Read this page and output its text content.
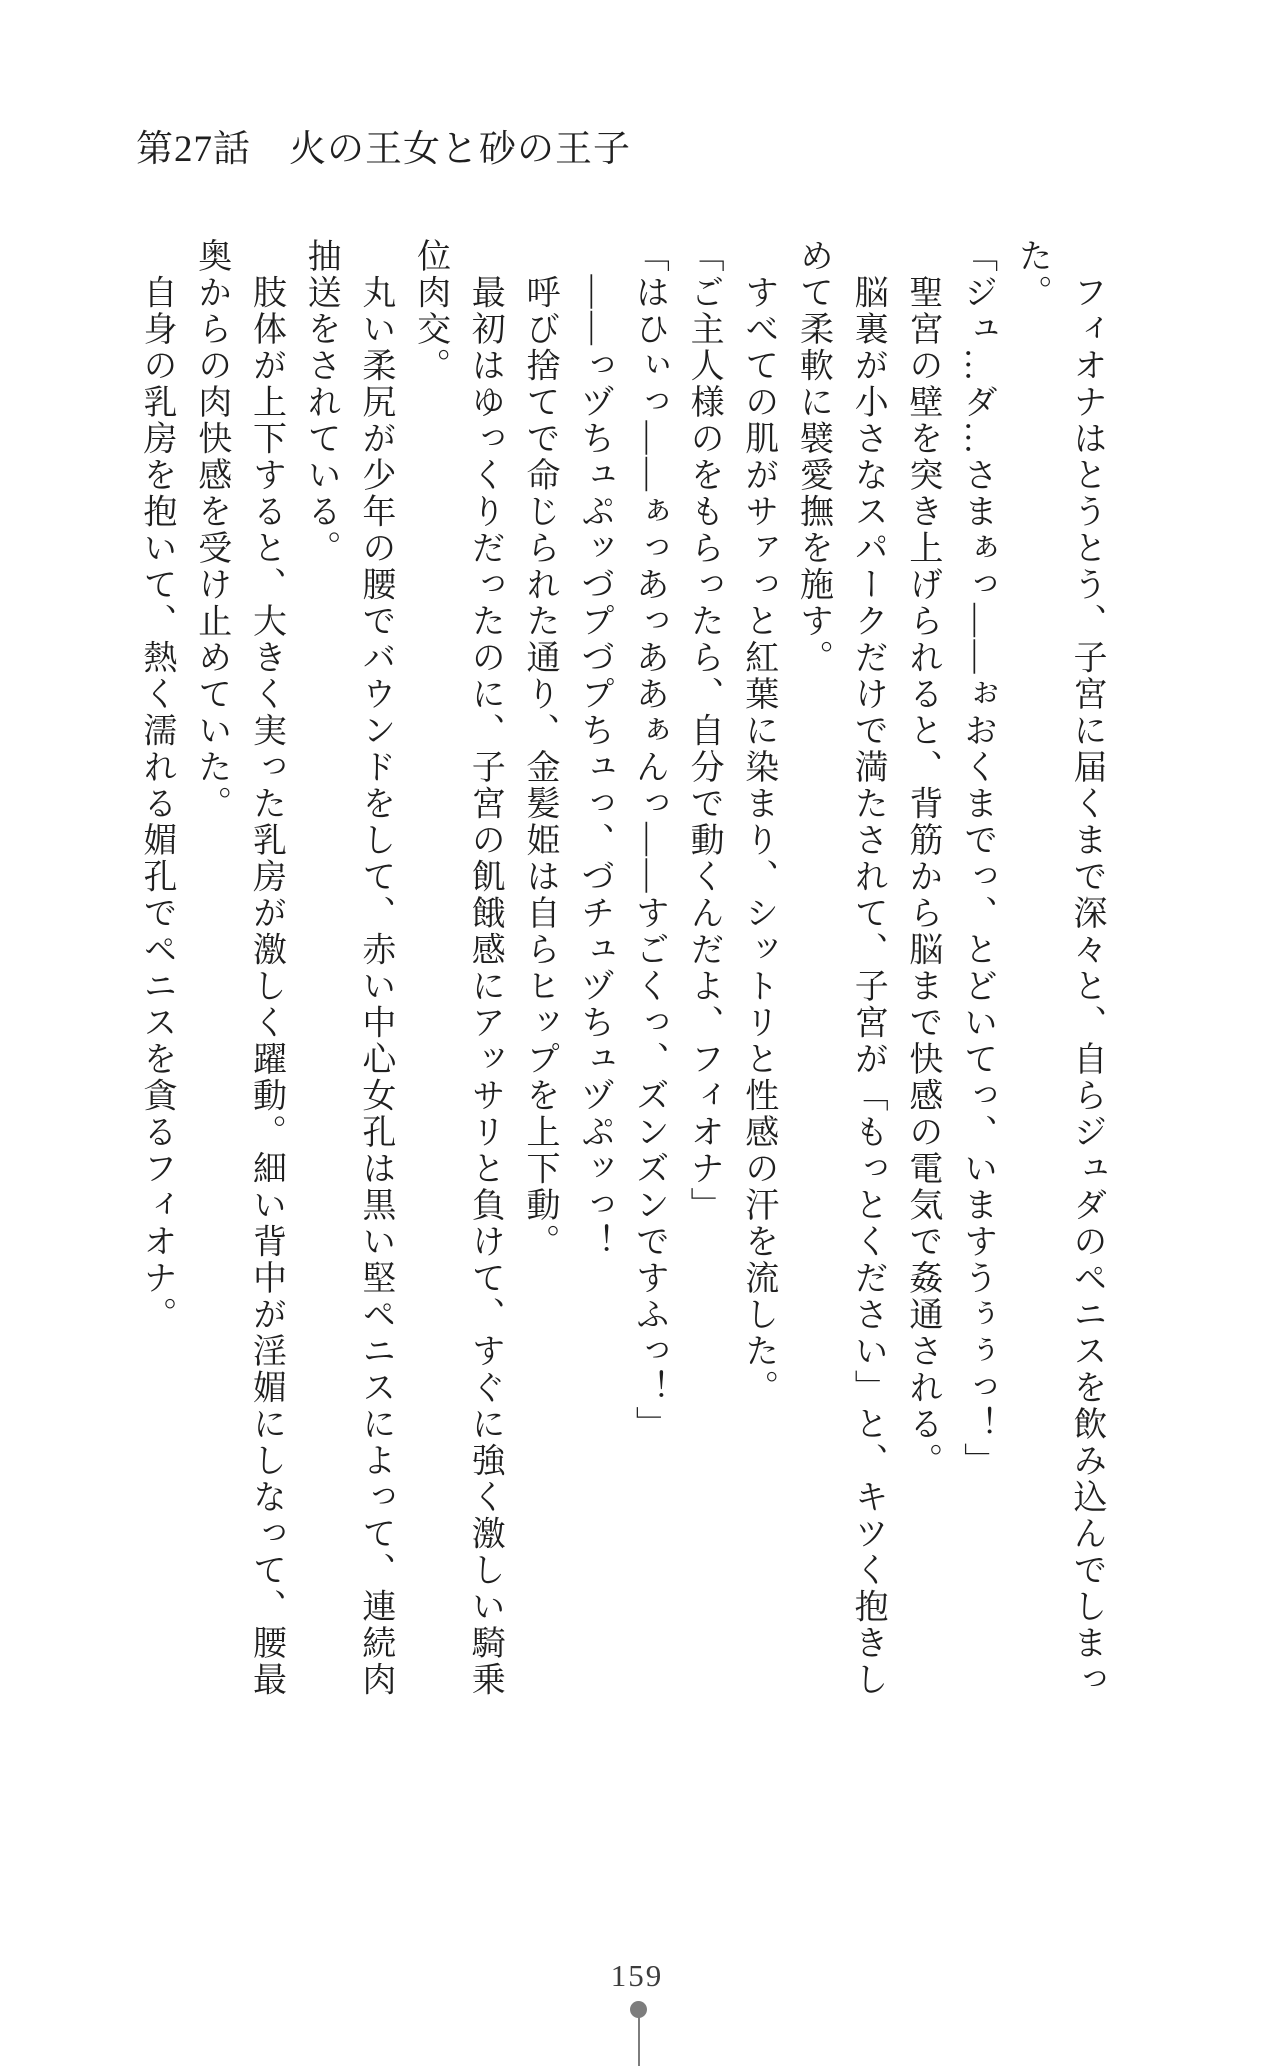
第27話　火の王女と砂の王子

　フィオナはとうとう、子宮に届くまで深々と、自らジュダのペニスを飲み込んでしまっ

た。

「ジュ…ダ…さまぁっ――ぉおくまでっ、とどいてっ、いますうぅぅっ！」

　聖宮の壁を突き上げられると、背筋から脳まで快感の電気で姦通される。

　脳裏が小さなスパークだけで満たされて、子宮が「もっとください」と、キツく抱きし

めて柔軟に襞愛撫を施す。

　すべての肌がサァっと紅葉に染まり、シットリと性感の汗を流した。

「ご主人様のをもらったら、自分で動くんだよ、フィオナ」

「はひぃっ――ぁっあっああぁんっ――すごくっ、ズンズンですふっ！」

　――っヅちュぷッづプづプちュっ、づチュヅちュヅぷッっ！

　呼び捨てで命じられた通り、金髪姫は自らヒップを上下動。

　最初はゆっくりだったのに、子宮の飢餓感にアッサリと負けて、すぐに強く激しい騎乗

位肉交。

　丸い柔尻が少年の腰でバウンドをして、赤い中心女孔は黒い堅ペニスによって、連続肉

抽送をされている。

　肢体が上下すると、大きく実った乳房が激しく躍動。細い背中が淫媚にしなって、腰最

奥からの肉快感を受け止めていた。

　自身の乳房を抱いて、熱く濡れる媚孔でペニスを貪るフィオナ。

159
